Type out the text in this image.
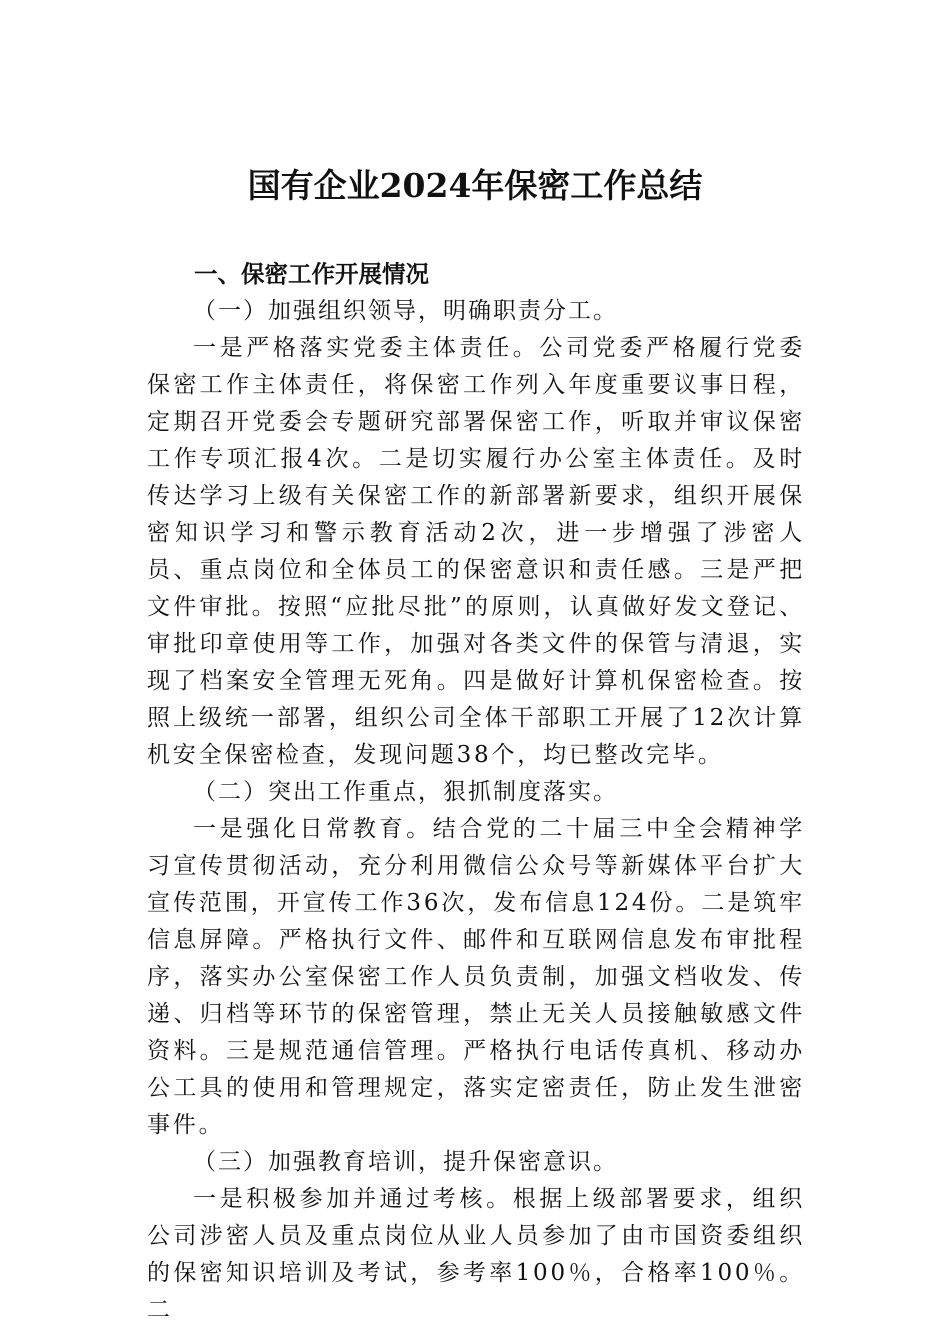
国有企业2024年保密工作总结

一、保密工作开展情况

（一）加强组织领导，明确职责分工。

一是严格落实党委主体责任。公司党委严格履行党委保密工作主体责任，将保密工作列入年度重要议事日程，定期召开党委会专题研究部署保密工作，听取并审议保密工作专项汇报4次。二是切实履行办公室主体责任。及时传达学习上级有关保密工作的新部署新要求，组织开展保密知识学习和警示教育活动2次，进一步增强了涉密人员、重点岗位和全体员工的保密意识和责任感。三是严把文件审批。按照“应批尽批”的原则，认真做好发文登记、审批印章使用等工作，加强对各类文件的保管与清退，实现了档案安全管理无死角。四是做好计算机保密检查。按照上级统一部署，组织公司全体干部职工开展了12次计算机安全保密检查，发现问题38个，均已整改完毕。

（二）突出工作重点，狠抓制度落实。

一是强化日常教育。结合党的二十届三中全会精神学习宣传贯彻活动，充分利用微信公众号等新媒体平台扩大宣传范围，开宣传工作36次，发布信息124份。二是筑牢信息屏障。严格执行文件、邮件和互联网信息发布审批程序，落实办公室保密工作人员负责制，加强文档收发、传递、归档等环节的保密管理，禁止无关人员接触敏感文件资料。三是规范通信管理。严格执行电话传真机、移动办公工具的使用和管理规定，落实定密责任，防止发生泄密事件。

（三）加强教育培训，提升保密意识。

一是积极参加并通过考核。根据上级部署要求，组织公司涉密人员及重点岗位从业人员参加了由市国资委组织的保密知识培训及考试，参考率100％，合格率100％。二
